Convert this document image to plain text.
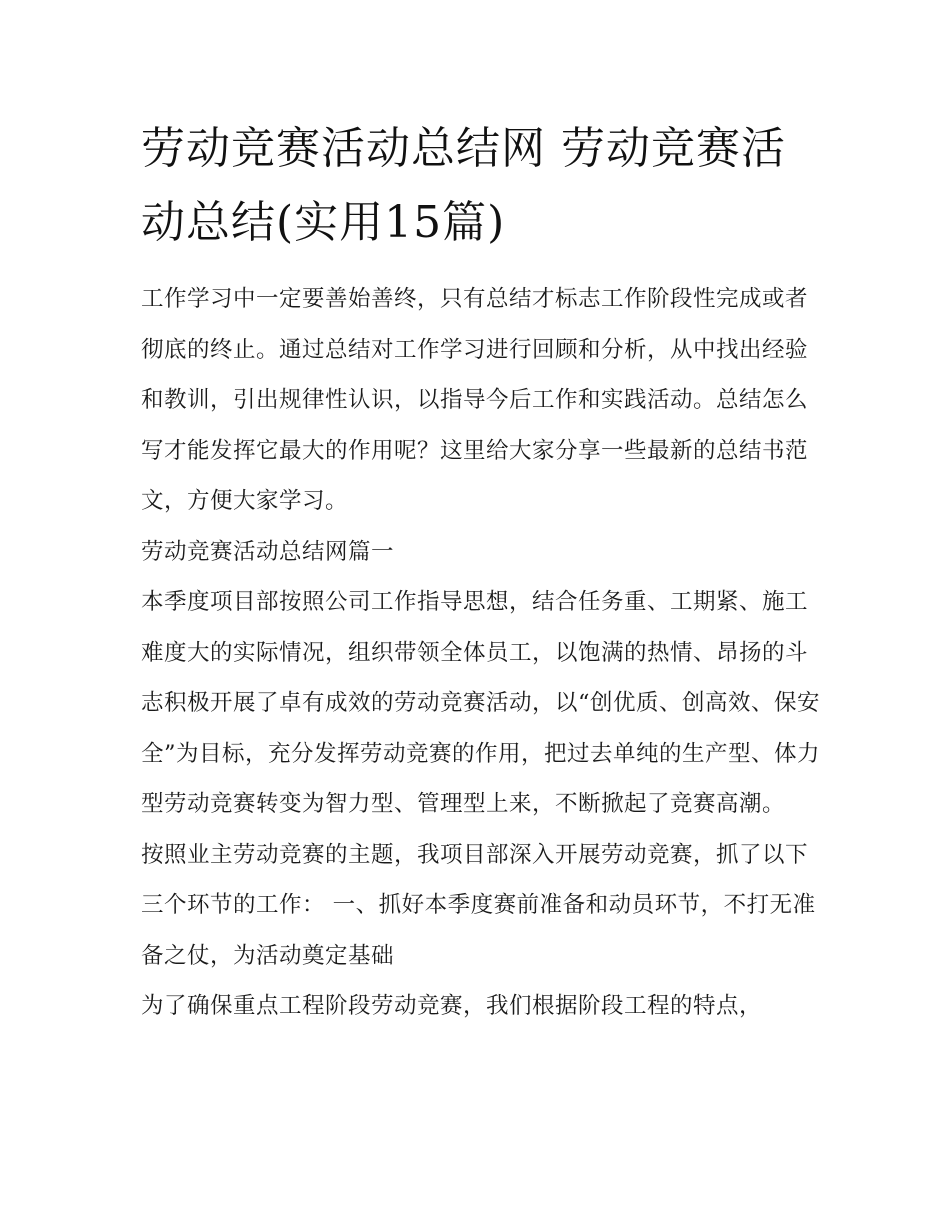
劳动竞赛活动总结网 劳动竞赛活动总结(实用15篇)

工作学习中一定要善始善终，只有总结才标志工作阶段性完成或者彻底的终止。通过总结对工作学习进行回顾和分析，从中找出经验和教训，引出规律性认识，以指导今后工作和实践活动。总结怎么写才能发挥它最大的作用呢？这里给大家分享一些最新的总结书范文，方便大家学习。

劳动竞赛活动总结网篇一

本季度项目部按照公司工作指导思想，结合任务重、工期紧、施工难度大的实际情况，组织带领全体员工，以饱满的热情、昂扬的斗志积极开展了卓有成效的劳动竞赛活动，以“创优质、创高效、保安全”为目标，充分发挥劳动竞赛的作用，把过去单纯的生产型、体力型劳动竞赛转变为智力型、管理型上来，不断掀起了竞赛高潮。

按照业主劳动竞赛的主题，我项目部深入开展劳动竞赛，抓了以下三个环节的工作： 一、抓好本季度赛前准备和动员环节，不打无准备之仗，为活动奠定基础

为了确保重点工程阶段劳动竞赛，我们根据阶段工程的特点，
